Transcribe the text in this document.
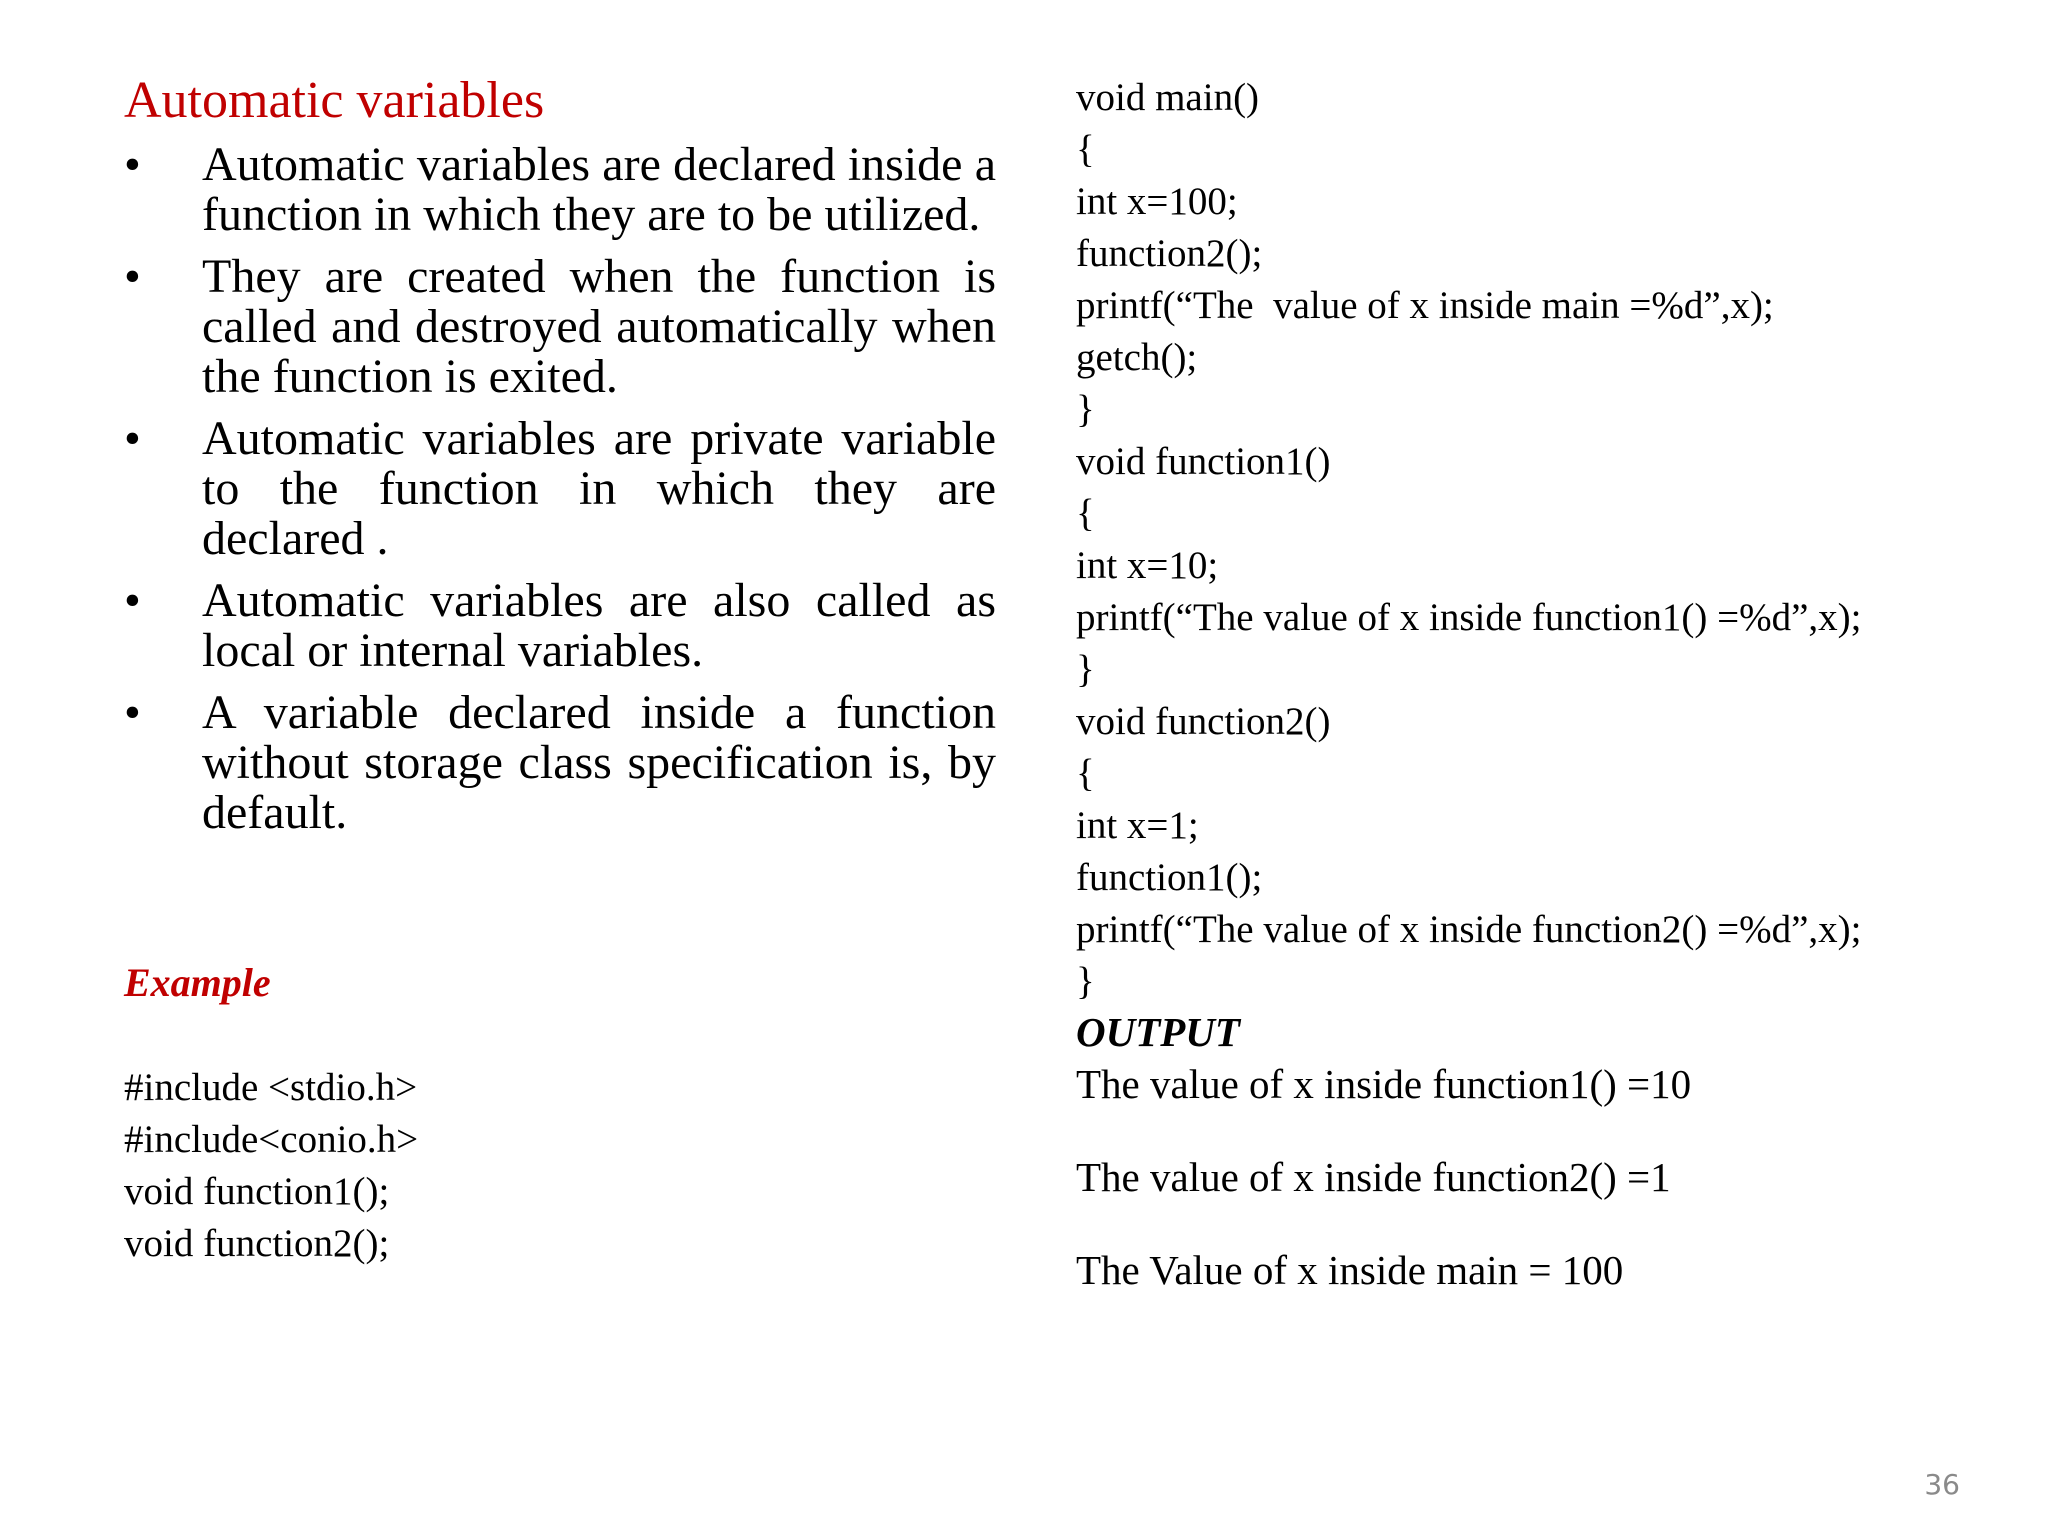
Automatic variables
•	Automatic variables are declared inside a function in which they are to be utilized.
•	They are created when the function is called and destroyed automatically when the function is exited.
•	Automatic variables are private variable to the function in which they are declared .
•	Automatic variables are also called as local or internal variables.
•	A variable declared inside a function without storage class specification is, by default.
Example
#include <stdio.h>
#include<conio.h>
void function1();
void function2();
void main()
{
int x=100;
function2();
printf(“The  value of x inside main =%d”,x);
getch();
}
void function1()
{
int x=10;
printf(“The value of x inside function1() =%d”,x);
}
void function2()
{
int x=1;
function1();
printf(“The value of x inside function2() =%d”,x);
}
OUTPUT
The value of x inside function1() =10
The value of x inside function2() =1
The Value of x inside main = 100
36
